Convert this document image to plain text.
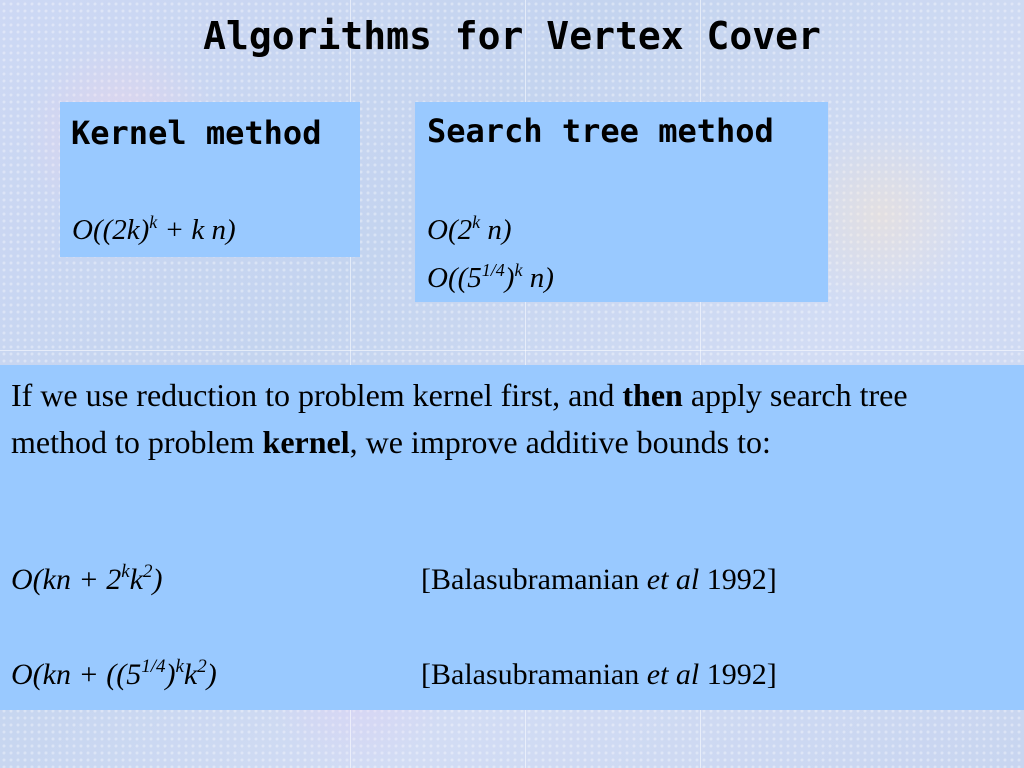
Algorithms for Vertex Cover
Kernel method
$O((2k)^k + k$ n)
Search tree method
O(2$^k$ n)
$O((5^{1/4})^k$ n)
If we use reduction to problem kernel first, and then apply search tree method to problem kernel, we improve additive bounds to:
$O(kn + 2^kk^2)$	[Balasubramanian et al 1992]
$O(kn + ((5^{1/4})^kk^2)$	[Balasubramanian et al 1992]
